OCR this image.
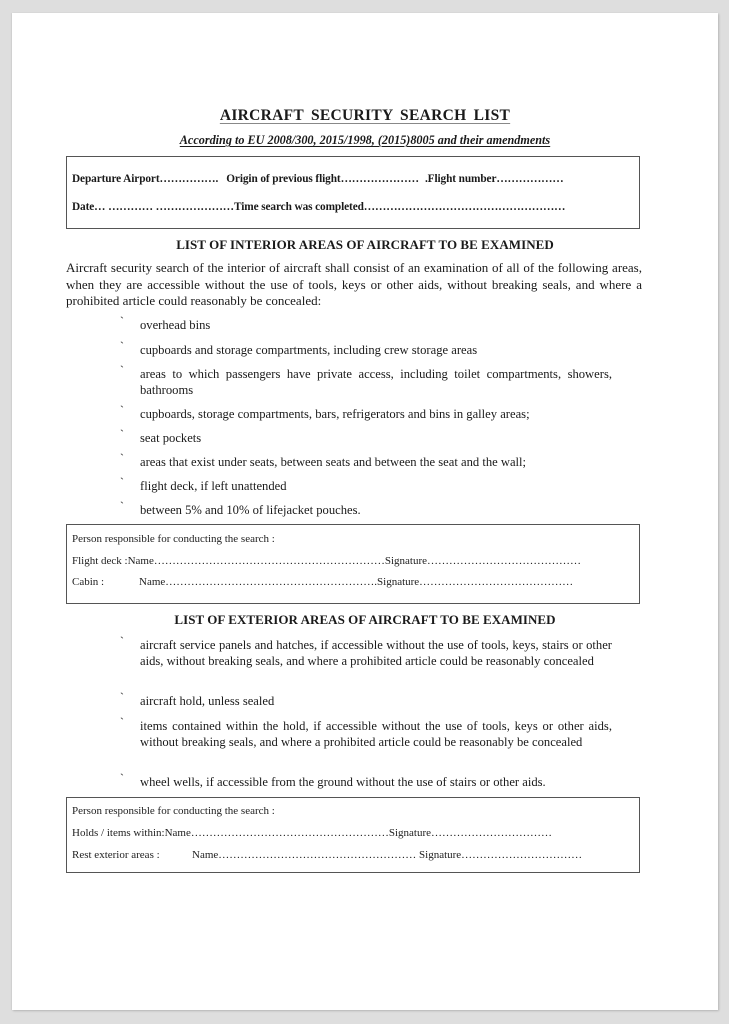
AIRCRAFT SECURITY SEARCH LIST
According to EU 2008/300, 2015/1998, (2015)8005 and their amendments
Departure Airport……………. Origin of previous flight………………… .Flight number………………
Date… ………… …………………Time search was completed………………………………………………
LIST OF INTERIOR AREAS OF AIRCRAFT TO BE EXAMINED
Aircraft security search of the interior of aircraft shall consist of an examination of all of the following areas, when they are accessible without the use of tools, keys or other aids, without breaking seals, and where a prohibited article could reasonably be concealed:
` overhead bins
` cupboards and storage compartments, including crew storage areas
` areas to which passengers have private access, including toilet compartments, showers, bathrooms
` cupboards, storage compartments, bars, refrigerators and bins in galley areas;
` seat pockets
` areas that exist under seats, between seats and between the seat and the wall;
` flight deck, if left unattended
` between 5% and 10% of lifejacket pouches.
Person responsible for conducting the search :
Flight deck :Name………………………………………………………Signature……………………………………
Cabin :	Name………………………………………………….Signature……………………………………
LIST OF EXTERIOR AREAS OF AIRCRAFT TO BE EXAMINED
` aircraft service panels and hatches, if accessible without the use of tools, keys, stairs or other aids, without breaking seals, and where a prohibited article could be reasonably concealed
` aircraft hold, unless sealed
` items contained within the hold, if accessible without the use of tools, keys or other aids, without breaking seals, and where a prohibited article could be reasonably be concealed
` wheel wells, if accessible from the ground without the use of stairs or other aids.
Person responsible for conducting the search :
Holds / items within:Name………………………………………………Signature……………………………
Rest exterior areas :	Name……………………………………………… Signature……………………………
